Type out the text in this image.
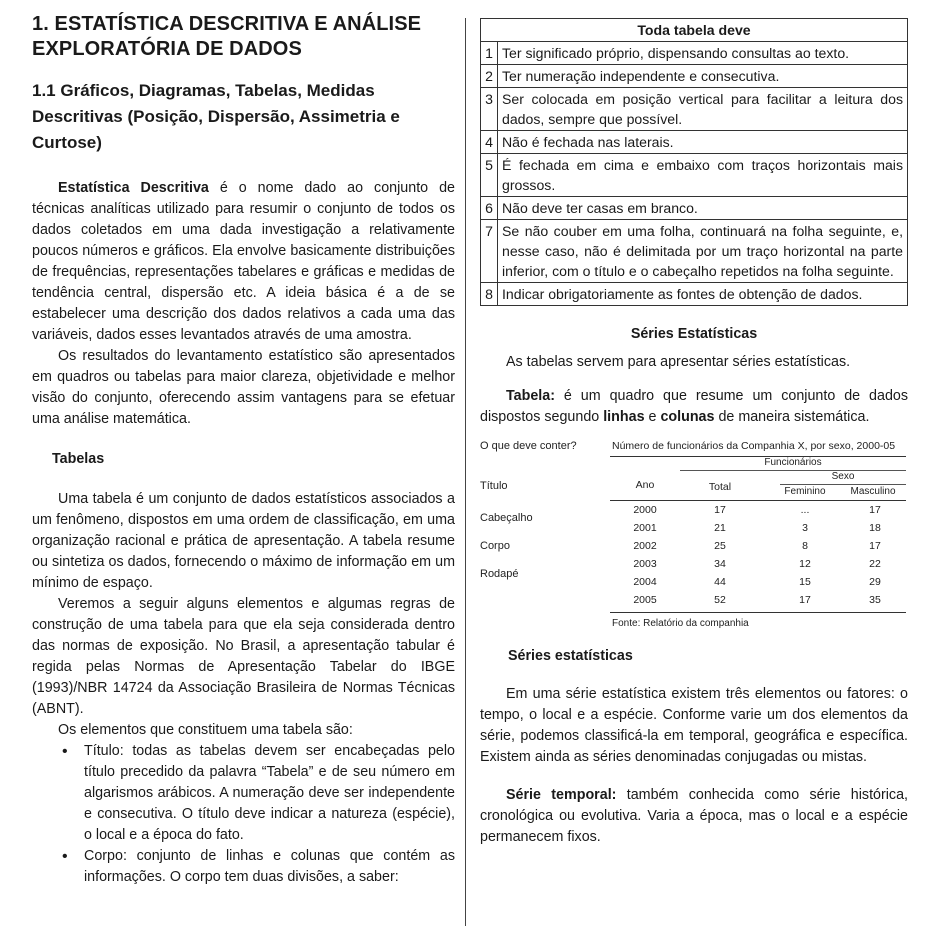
1. ESTATÍSTICA DESCRITIVA E ANÁLISE EXPLORATÓRIA DE DADOS
1.1 Gráficos, Diagramas, Tabelas, Medidas Descritivas (Posição, Dispersão, Assimetria e Curtose)

Estatística Descritiva é o nome dado ao conjunto de técnicas analíticas utilizado para resumir o conjunto de todos os dados coletados em uma dada investigação a relativamente poucos números e gráficos. Ela envolve basicamente distribuições de frequências, representações tabelares e gráficas e medidas de tendência central, dispersão etc. A ideia básica é a de se estabelecer uma descrição dos dados relativos a cada uma das variáveis, dados esses levantados através de uma amostra.

Os resultados do levantamento estatístico são apresentados em quadros ou tabelas para maior clareza, objetividade e melhor visão do conjunto, oferecendo assim vantagens para se efetuar uma análise matemática.

Tabelas

Uma tabela é um conjunto de dados estatísticos associados a um fenômeno, dispostos em uma ordem de classificação, em uma organização racional e prática de apresentação. A tabela resume ou sintetiza os dados, fornecendo o máximo de informação em um mínimo de espaço.

Veremos a seguir alguns elementos e algumas regras de construção de uma tabela para que ela seja considerada dentro das normas de exposição. No Brasil, a apresentação tabular é regida pelas Normas de Apresentação Tabelar do IBGE (1993)/NBR 14724 da Associação Brasileira de Normas Técnicas (ABNT).

Os elementos que constituem uma tabela são:

• Título: todas as tabelas devem ser encabeçadas pelo título precedido da palavra “Tabela” e de seu número em algarismos arábicos. A numeração deve ser independente e consecutiva. O título deve indicar a natureza (espécie), o local e a época do fato.
• Corpo: conjunto de linhas e colunas que contém as informações. O corpo tem duas divisões, a saber:
Toda tabela deve	
1	Ter significado próprio, dispensando consultas ao texto.
2	Ter numeração independente e consecutiva.
3	Ser colocada em posição vertical para facilitar a leitura dos dados, sempre que possível.
4	Não é fechada nas laterais.
5	É fechada em cima e embaixo com traços horizontais mais grossos.
6	Não deve ter casas em branco.
7	Se não couber em uma folha, continuará na folha seguinte, e, nesse caso, não é delimitada por um traço horizontal na parte inferior, com o título e o cabeçalho repetidos na folha seguinte.
8	Indicar obrigatoriamente as fontes de obtenção de dados.
Séries Estatísticas

As tabelas servem para apresentar séries estatísticas.

Tabela: é um quadro que resume um conjunto de dados dispostos segundo linhas e colunas de maneira sistemática.

O que deve conter?	Número de funcionários da Companhia X, por sexo, 2000-05
Título
Cabeçalho
Corpo
Rodapé
Funcionários
Sexo
Ano	Total	Feminino	Masculino
2000	17	...	17
2001	21	3	18
2002	25	8	17
2003	34	12	22
2004	44	15	29
2005	52	17	35
Fonte: Relatório da companhia
Séries estatísticas

Em uma série estatística existem três elementos ou fatores: o tempo, o local e a espécie. Conforme varie um dos elementos da série, podemos classificá-la em temporal, geográfica e específica. Existem ainda as séries denominadas conjugadas ou mistas.

Série temporal: também conhecida como série histórica, cronológica ou evolutiva. Varia a época, mas o local e a espécie permanecem fixos.
